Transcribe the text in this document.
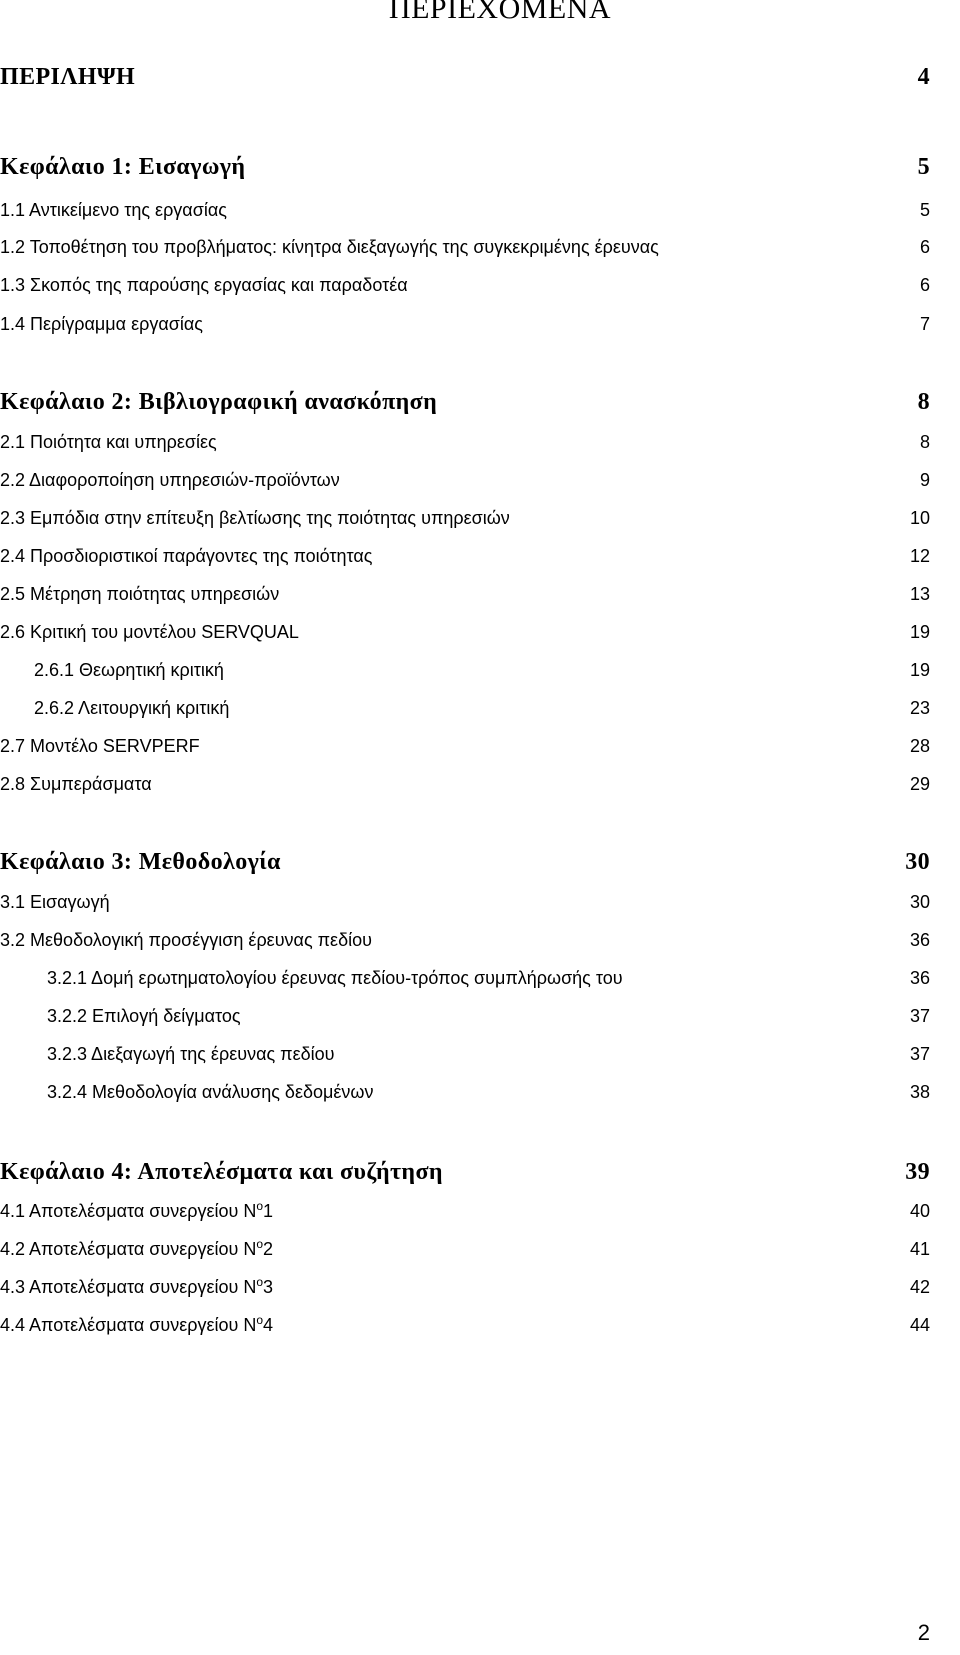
ΠΕΡΙΕΧΟΜΕΝΑ
ΠΕΡΙΛΗΨΗ	4
Κεφάλαιο 1: Εισαγωγή	5
1.1 Αντικείμενο της εργασίας	5
1.2 Τοποθέτηση του προβλήματος: κίνητρα διεξαγωγής της συγκεκριμένης έρευνας	6
1.3 Σκοπός της παρούσης εργασίας και παραδοτέα	6
1.4 Περίγραμμα εργασίας	7
Κεφάλαιο 2: Βιβλιογραφική ανασκόπηση	8
2.1 Ποιότητα και υπηρεσίες	8
2.2 Διαφοροποίηση υπηρεσιών-προϊόντων	9
2.3 Εμπόδια στην επίτευξη βελτίωσης της ποιότητας υπηρεσιών	10
2.4 Προσδιοριστικοί παράγοντες της ποιότητας	12
2.5 Μέτρηση ποιότητας υπηρεσιών	13
2.6 Κριτική του μοντέλου SERVQUAL	19
2.6.1 Θεωρητική κριτική	19
2.6.2 Λειτουργική κριτική	23
2.7 Μοντέλο SERVPERF	28
2.8 Συμπεράσματα	29
Κεφάλαιο 3: Μεθοδολογία	30
3.1 Εισαγωγή	30
3.2 Μεθοδολογική προσέγγιση έρευνας πεδίου	36
3.2.1 Δομή ερωτηματολογίου έρευνας πεδίου-τρόπος συμπλήρωσής του	36
3.2.2 Επιλογή δείγματος	37
3.2.3 Διεξαγωγή της έρευνας πεδίου	37
3.2.4 Μεθοδολογία ανάλυσης δεδομένων	38
Κεφάλαιο 4: Αποτελέσματα και συζήτηση	39
4.1 Αποτελέσματα συνεργείου $N^o1$	40
4.2 Αποτελέσματα συνεργείου $N^o2$	41
4.3 Αποτελέσματα συνεργείου $N^o3$	42
4.4 Αποτελέσματα συνεργείου $N^o4$	44
2
